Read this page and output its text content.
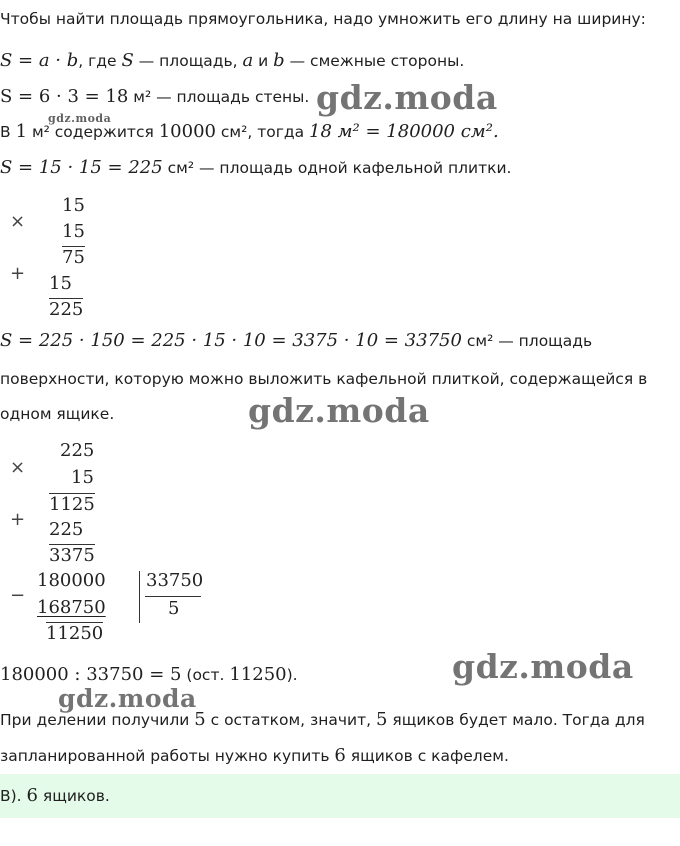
Чтобы найти площадь прямоугольника, надо умножить его длину на ширину:
S = a · b, где S — площадь, a и b — смежные стороны.
S = 6 · 3 = 18 м² — площадь стены.
В 1 м² содержится 10000 см², тогда 18 м² = 180000 см².
S = 15 · 15 = 225 см² — площадь одной кафельной плитки.
×
15
15
75
+ 15
225
S = 225 · 150 = 225 · 15 · 10 = 3375 · 10 = 33750 см² — площадь
поверхности, которую можно выложить кафельной плиткой, содержащейся в
одном ящике.
×
225
15
1125
+ 225
3375
−
180000
168750
11250
33750
5
180000 : 33750 = 5 (ост. 11250).
При делении получили 5 с остатком, значит, 5 ящиков будет мало. Тогда для
запланированной работы нужно купить 6 ящиков с кафелем.
В). 6 ящиков.
gdz.moda
gdz.moda
gdz.moda
gdz.moda
gdz.moda
